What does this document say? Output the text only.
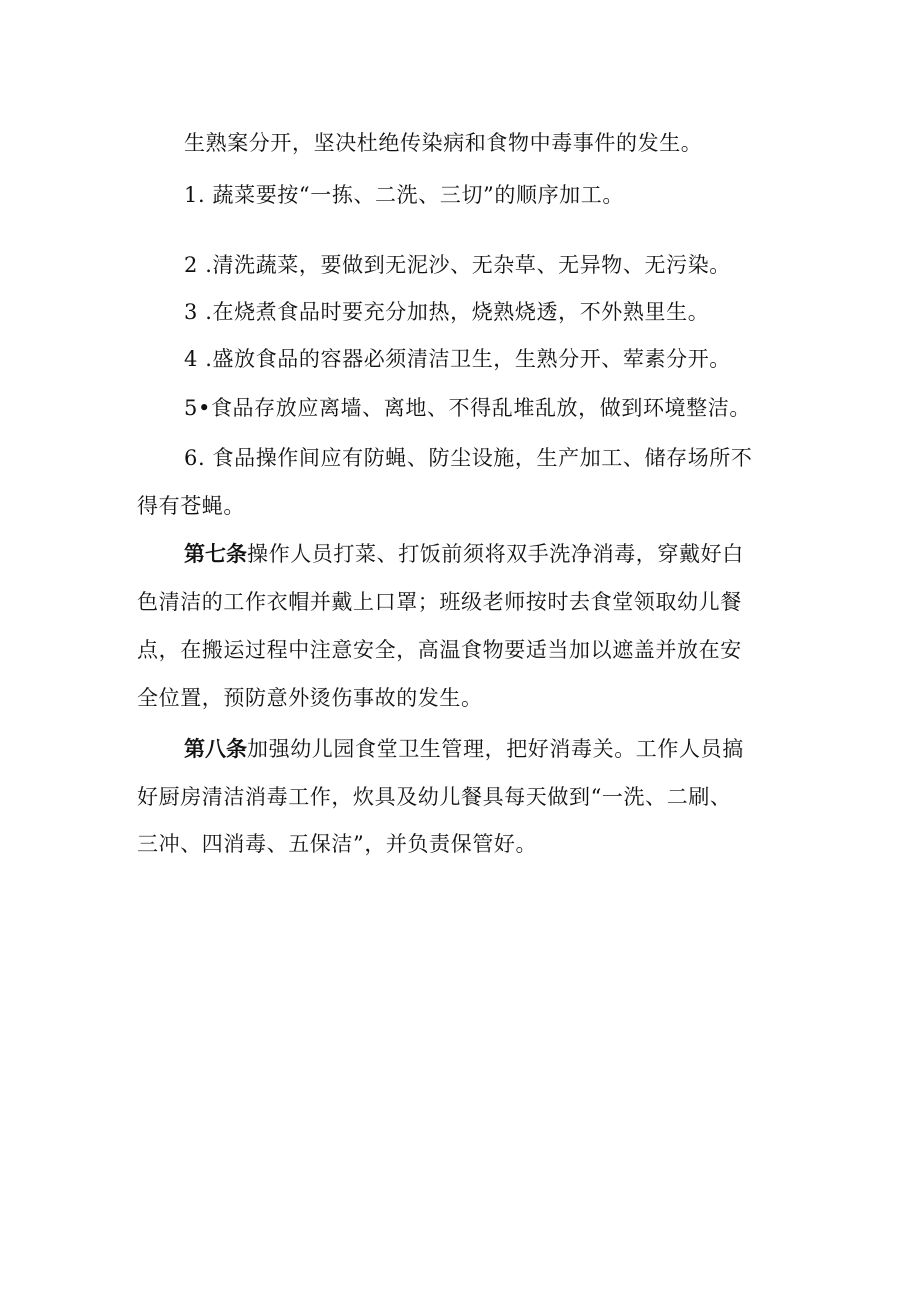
生熟案分开，坚决杜绝传染病和食物中毒事件的发生。
1. 蔬菜要按“一拣、二洗、三切”的顺序加工。
2 .清洗蔬菜，要做到无泥沙、无杂草、无异物、无污染。
3 .在烧煮食品时要充分加热，烧熟烧透，不外熟里生。
4 .盛放食品的容器必须清洁卫生，生熟分开、荤素分开。
5•食品存放应离墙、离地、不得乱堆乱放，做到环境整洁。
6. 食品操作间应有防蝇、防尘设施，生产加工、储存场所不
得有苍蝇。
第七条操作人员打菜、打饭前须将双手洗净消毒，穿戴好白
色清洁的工作衣帽并戴上口罩；班级老师按时去食堂领取幼儿餐
点，在搬运过程中注意安全，高温食物要适当加以遮盖并放在安
全位置，预防意外烫伤事故的发生。
第八条加强幼儿园食堂卫生管理，把好消毒关。工作人员搞
好厨房清洁消毒工作，炊具及幼儿餐具每天做到“一洗、二刷、
三冲、四消毒、五保洁”，并负责保管好。
